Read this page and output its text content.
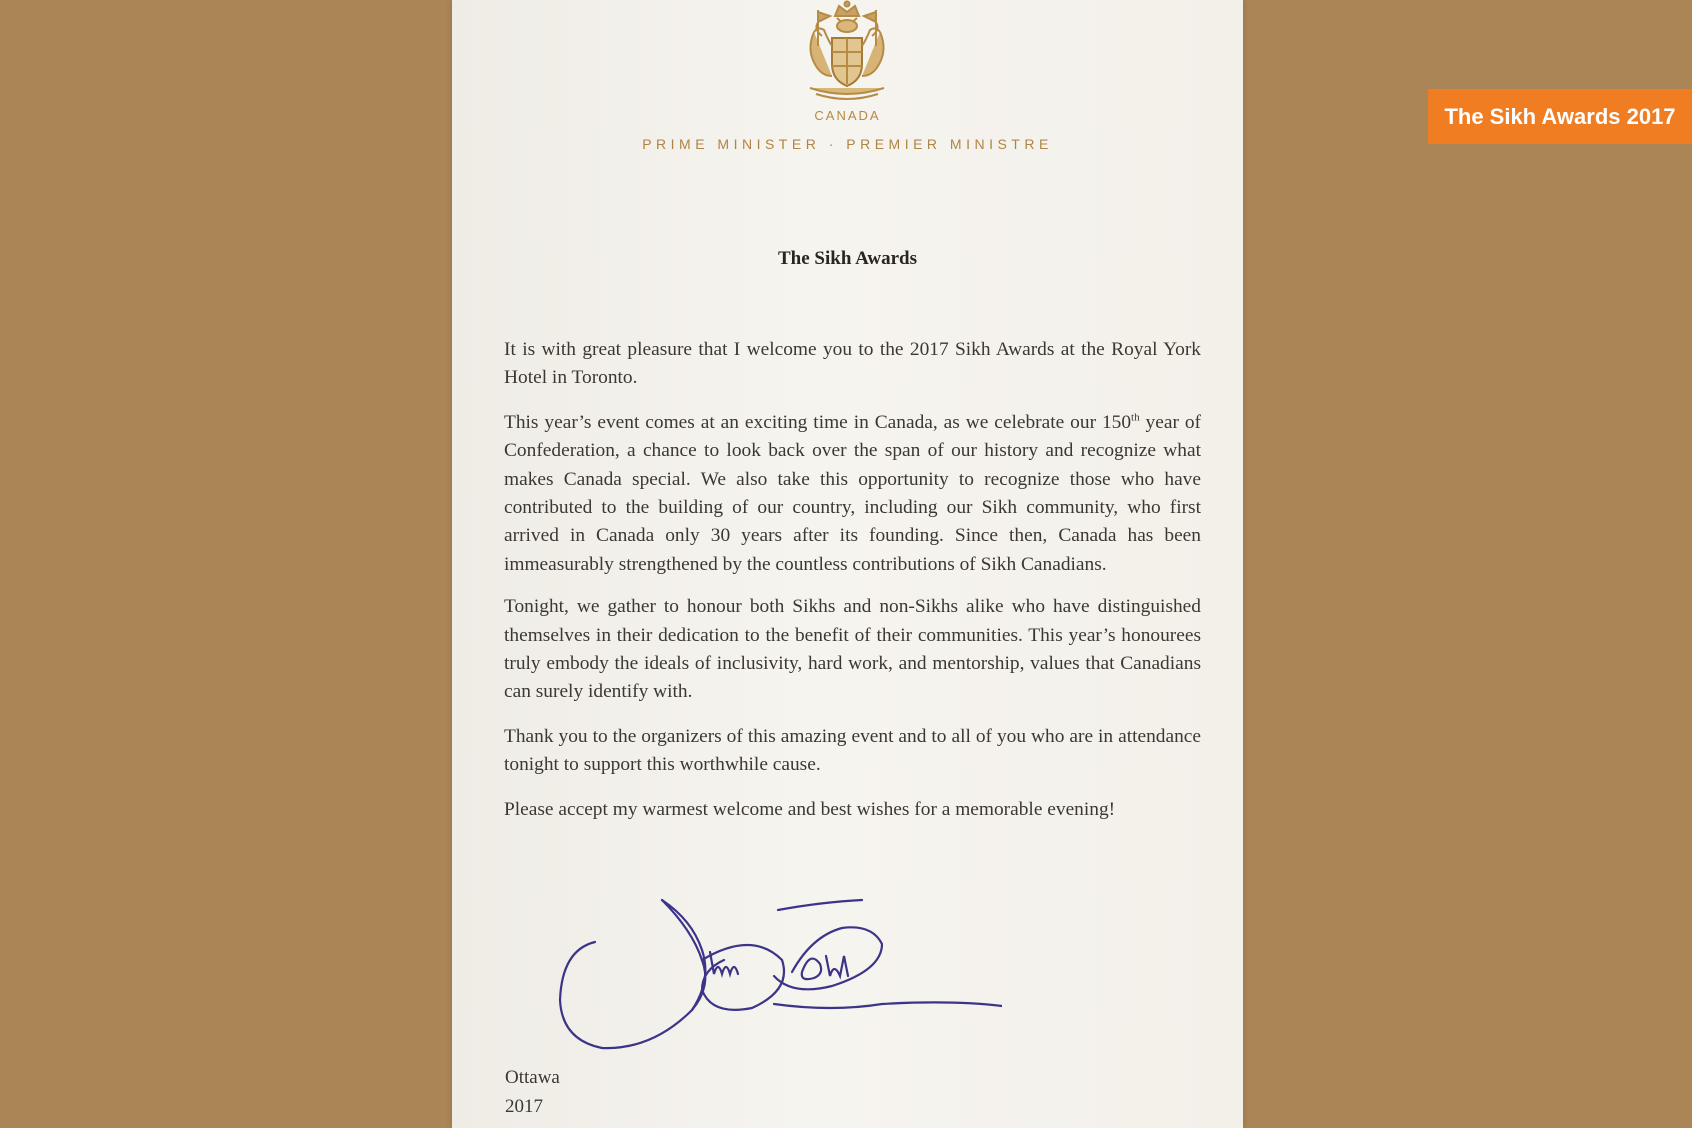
CANADA
PRIME MINISTER · PREMIER MINISTRE
The Sikh Awards

It is with great pleasure that I welcome you to the 2017 Sikh Awards at the Royal York Hotel in Toronto.

This year’s event comes at an exciting time in Canada, as we celebrate our 150th year of Confederation, a chance to look back over the span of our history and recognize what makes Canada special. We also take this opportunity to recognize those who have contributed to the building of our country, including our Sikh community, who first arrived in Canada only 30 years after its founding. Since then, Canada has been immeasurably strengthened by the countless contributions of Sikh Canadians.

Tonight, we gather to honour both Sikhs and non-Sikhs alike who have distinguished themselves in their dedication to the benefit of their communities. This year’s honourees truly embody the ideals of inclusivity, hard work, and mentorship, values that Canadians can surely identify with.

Thank you to the organizers of this amazing event and to all of you who are in attendance tonight to support this worthwhile cause.

Please accept my warmest welcome and best wishes for a memorable evening!

Ottawa
2017
The Sikh Awards 2017
